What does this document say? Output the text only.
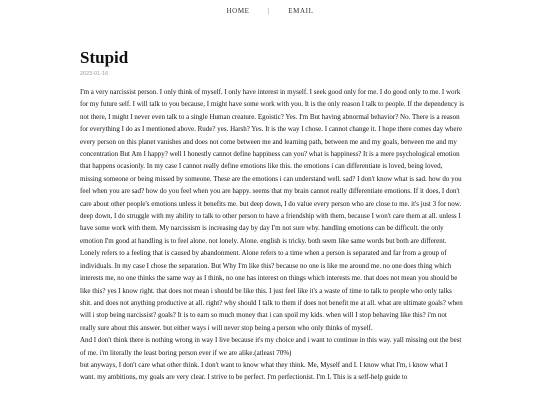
HOME	|	EMAIL
Stupid
2023-01-16

I'm a very narcissist person. I only think of myself. I only have interest in myself. I seek good only for me. I do good only to me. I work for my future self. I will talk to you because, I might have some work with you. It is the only reason I talk to people. If the dependency is not there, I might I never even talk to a single Human creature. Egoistic? Yes. I'm But having abnormal behavior? No. There is a reason for everything I do as I mentioned above. Rude? yes. Harsh? Yes. It is the way I chose. I cannot change it. I hope there comes day where every person on this planet vanishes and does not come between me and learning path, between me and my goals, between me and my concentration But Am I happy? well I honestly cannot define happiness can you? what is happiness? It is a mere psychological emotion that happens ocasionly. In my case I cannot really define emotions like this. the emotions i can differentiate is loved, being loved, missing someone or being missed by someone. These are the emotions i can understand well. sad? I don't know what is sad. how do you feel when you are sad? how do you feel when you are happy. seems that my brain cannot really differentiate emotions. If it does, I don't care about other people's emotions unless it benefits me. but deep down, I do value every person who are close to me. it's just 3 for now. deep down, I do struggle with my ability to talk to other person to have a friendship with them, because I won't care them at all. unless I have some work with them. My narcissism is increasing day by day I'm not sure why. handling emotions can be difficult. the only emotion I'm good at handling is to feel alone. not lonely. Alone. english is tricky. both seem like same words but both are different. Lonely refers to a feeling that is caused by abandonment. Alone refers to a time when a person is separated and far from a group of individuals. In my case I chose the separation. But Why I'm like this? because no one is like me around me. no one does thing which interests me, no one thinks the same way as I think, no one has interest on things which interests me. that does not mean you should be like this? yes I know right. that does not mean i should be like this. I just feel like it's a waste of time to talk to people who only talks shit. and does not anything productive at all. right? why should I talk to them if does not benefit me at all. what are ultimate goals? when will i stop being narcissist? goals? It is to earn so much money that i can spoil my kids. when will I stop behaving like this? i'm not really sure about this answer. but either ways i will never stop being a person who only thinks of myself.

And I don't think there is nothing wrong in way I live because it's my choice and i want to continue in this way. yall missing out the best of me. i'm literally the least boring person ever if we are alike.(atleast 70%)

but anyways, I don't care what other think. I don't want to know what they think. Me, Myself and I. I know what I'm, i know what I want. my ambitions, my goals are very clear. I strive to be perfect. I'm perfectionist. I'm L This is a self-help guide to
